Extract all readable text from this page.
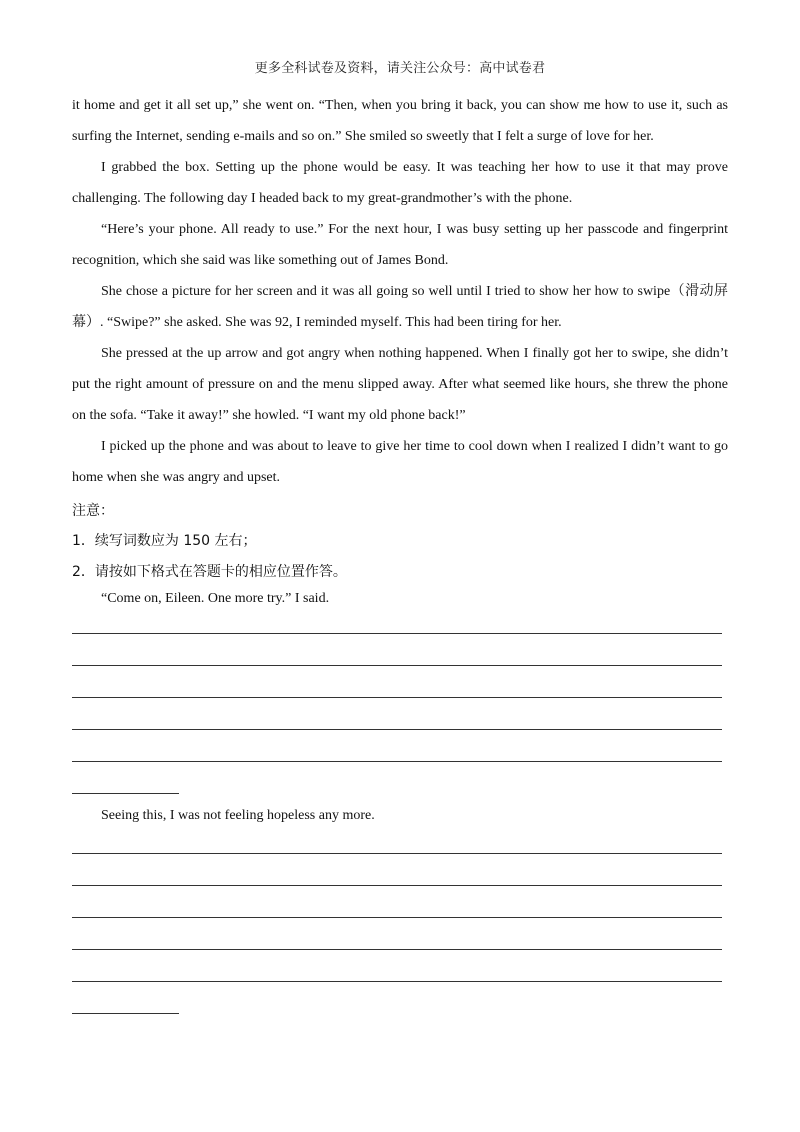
更多全科试卷及资料，请关注公众号：高中试卷君

it home and get it all set up,” she went on. “Then, when you bring it back, you can show me how to use it, such as surfing the Internet, sending e-mails and so on.” She smiled so sweetly that I felt a surge of love for her.

I grabbed the box. Setting up the phone would be easy. It was teaching her how to use it that may prove challenging. The following day I headed back to my great-grandmother’s with the phone.

“Here’s your phone. All ready to use.” For the next hour, I was busy setting up her passcode and fingerprint recognition, which she said was like something out of James Bond.

She chose a picture for her screen and it was all going so well until I tried to show her how to swipe（滑动屏幕）. “Swipe?” she asked. She was 92, I reminded myself. This had been tiring for her.

She pressed at the up arrow and got angry when nothing happened. When I finally got her to swipe, she didn’t put the right amount of pressure on and the menu slipped away. After what seemed like hours, she threw the phone on the sofa. “Take it away!” she howled. “I want my old phone back!”

I picked up the phone and was about to leave to give her time to cool down when I realized I didn’t want to go home when she was angry and upset.

注意：
1．续写词数应为 150 左右；
2．请按如下格式在答题卡的相应位置作答。
“Come on, Eileen. One more try.” I said.
Seeing this, I was not feeling hopeless any more.
